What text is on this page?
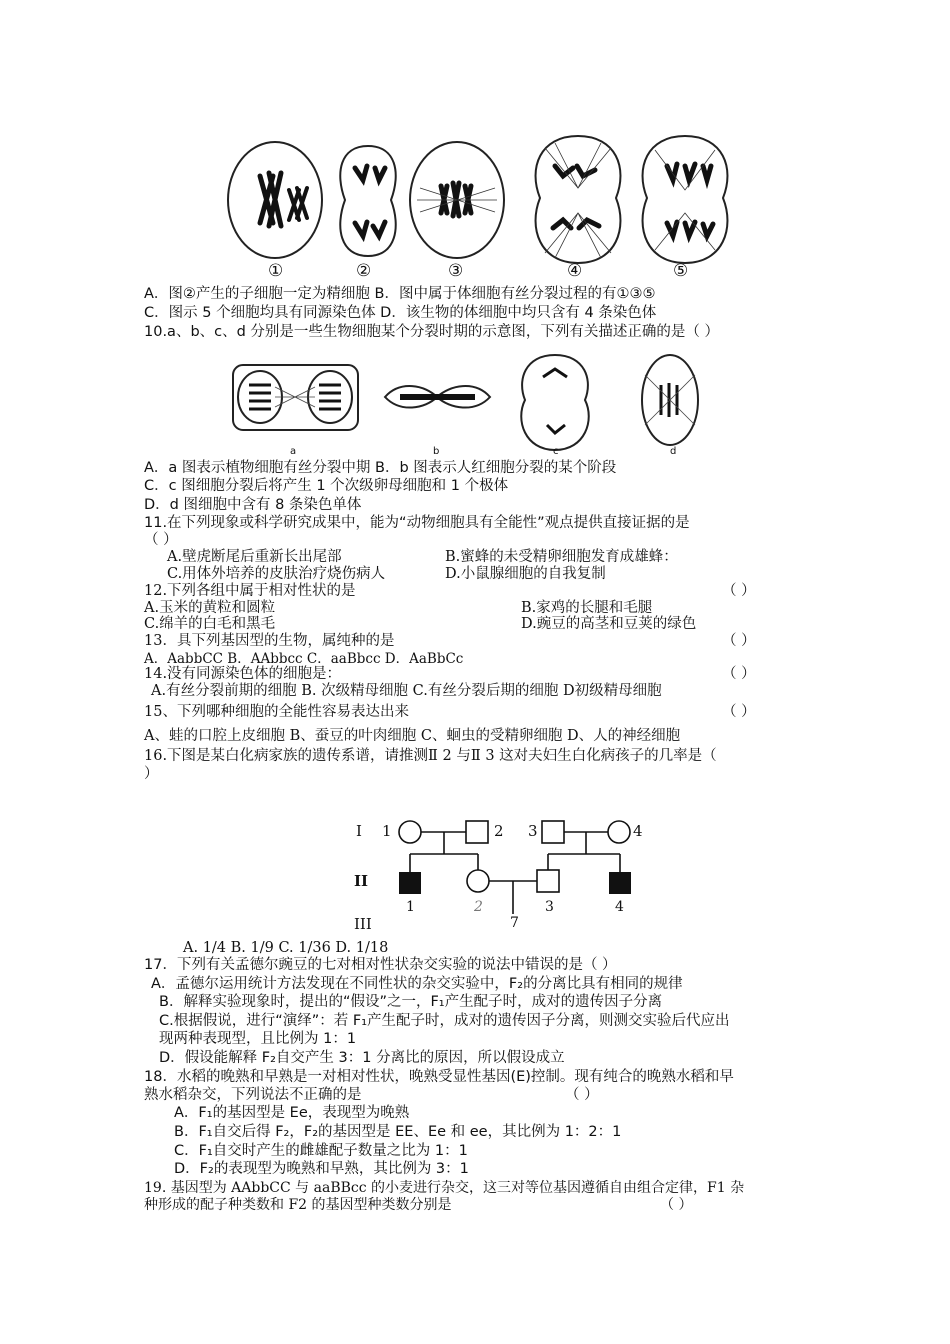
①	②	③	④	⑤
A．图②产生的子细胞一定为精细胞 B．图中属于体细胞有丝分裂过程的有①③⑤
C．图示 5 个细胞均具有同源染色体 D．该生物的体细胞中均只含有 4 条染色体
10.a、b、c、d 分别是一些生物细胞某个分裂时期的示意图，下列有关描述正确的是（ ）
a	b	c	d
A．a 图表示植物细胞有丝分裂中期 B．b 图表示人红细胞分裂的某个阶段
C．c 图细胞分裂后将产生 1 个次级卵母细胞和 1 个极体
D．d 图细胞中含有 8 条染色单体
11.在下列现象或科学研究成果中，能为“动物细胞具有全能性”观点提供直接证据的是
（ ）
A.壁虎断尾后重新长出尾部	B.蜜蜂的未受精卵细胞发育成雄蜂：
C.用体外培养的皮肤治疗烧伤病人	D.小鼠腺细胞的自我复制
12.下列各组中属于相对性状的是	（ ）
A.玉米的黄粒和圆粒	B.家鸡的长腿和毛腿
C.绵羊的白毛和黑毛	D.豌豆的高茎和豆荚的绿色
13．具下列基因型的生物，属纯种的是	（ ）
A．AabbCC B．AAbbcc C．aaBbcc D．AaBbCc
14.没有同源染色体的细胞是：	（ ）
A.有丝分裂前期的细胞 B. 次级精母细胞 C.有丝分裂后期的细胞 D初级精母细胞
15、下列哪种细胞的全能性容易表达出来	（ ）
A、蛙的口腔上皮细胞 B、蚕豆的叶肉细胞 C、蛔虫的受精卵细胞 D、人的神经细胞
16.下图是某白化病家族的遗传系谱，请推测Ⅱ 2 与Ⅱ 3 这对夫妇生白化病孩子的几率是（
）
I 1	2 3	4
II
1	2	3	4
III	7
A. 1/4 B. 1/9 C. 1/36 D. 1/18
17．下列有关孟德尔豌豆的七对相对性状杂交实验的说法中错误的是（ ）
A．孟德尔运用统计方法发现在不同性状的杂交实验中，F₂的分离比具有相同的规律
B．解释实验现象时，提出的“假设”之一，F₁产生配子时，成对的遗传因子分离
C.根据假说，进行“演绎”：若 F₁产生配子时，成对的遗传因子分离，则测交实验后代应出
现两种表现型，且比例为 1：1
D．假设能解释 F₂自交产生 3：1 分离比的原因，所以假设成立
18．水稻的晚熟和早熟是一对相对性状，晚熟受显性基因(E)控制。现有纯合的晚熟水稻和早
熟水稻杂交，下列说法不正确的是	（ ）
A．F₁的基因型是 Ee，表现型为晚熟
B．F₁自交后得 F₂，F₂的基因型是 EE、Ee 和 ee，其比例为 1：2：1
C．F₁自交时产生的雌雄配子数量之比为 1：1
D．F₂的表现型为晚熟和早熟，其比例为 3：1
19. 基因型为 AAbbCC 与 aaBBcc 的小麦进行杂交，这三对等位基因遵循自由组合定律，F1 杂
种形成的配子种类数和 F2 的基因型种类数分别是	（ ）
